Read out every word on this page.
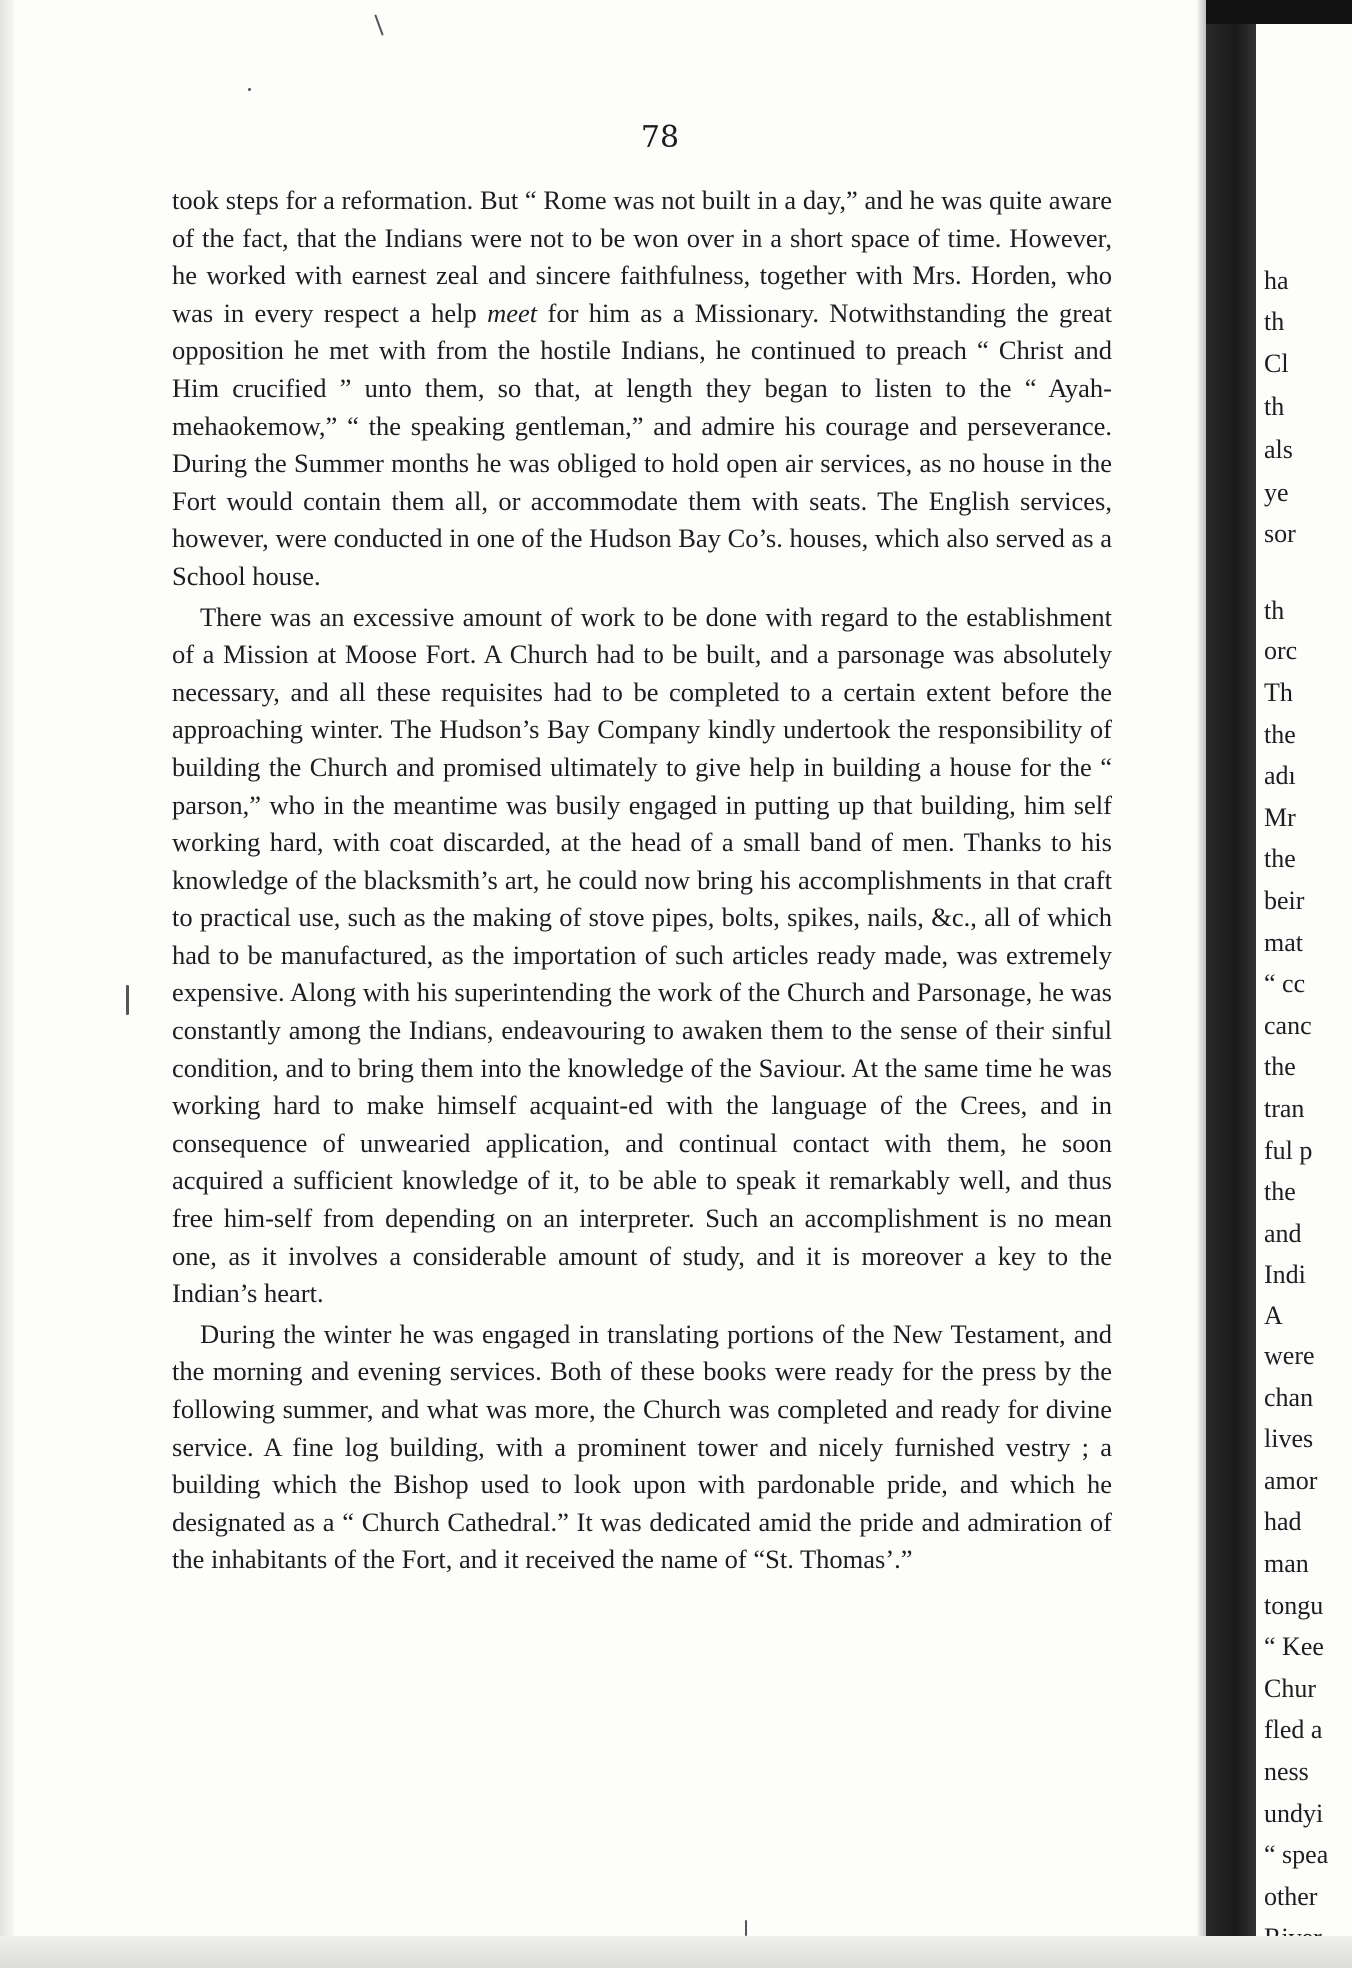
78

took steps for a reformation. But “ Rome was not built in a day,” and he was quite aware of the fact, that the Indians were not to be won over in a short space of time. However, he worked with earnest zeal and sincere faithfulness, together with Mrs. Horden, who was in every respect a help meet for him as a Missionary. Notwithstanding the great opposition he met with from the hostile Indians, he continued to preach “ Christ and Him crucified ” unto them, so that, at length they began to listen to the “ Ayah-mehaokemow,” “ the speaking gentleman,” and admire his courage and perseverance. During the Summer months he was obliged to hold open air services, as no house in the Fort would contain them all, or accommodate them with seats. The English services, however, were conducted in one of the Hudson Bay Co’s. houses, which also served as a School house.

There was an excessive amount of work to be done with regard to the establishment of a Mission at Moose Fort. A Church had to be built, and a parsonage was absolutely necessary, and all these requisites had to be completed to a certain extent before the approaching winter. The Hudson’s Bay Company kindly undertook the responsibility of building the Church and promised ultimately to give help in building a house for the “ parson,” who in the meantime was busily engaged in putting up that building, him self working hard, with coat discarded, at the head of a small band of men. Thanks to his knowledge of the blacksmith’s art, he could now bring his accomplishments in that craft to practical use, such as the making of stove pipes, bolts, spikes, nails, &c., all of which had to be manufactured, as the importation of such articles ready made, was extremely expensive. Along with his superintending the work of the Church and Parsonage, he was constantly among the Indians, endeavouring to awaken them to the sense of their sinful condition, and to bring them into the knowledge of the Saviour. At the same time he was working hard to make himself acquaint-ed with the language of the Crees, and in consequence of unwearied application, and continual contact with them, he soon acquired a sufficient knowledge of it, to be able to speak it remarkably well, and thus free him-self from depending on an interpreter. Such an accomplishment is no mean one, as it involves a considerable amount of study, and it is moreover a key to the Indian’s heart.

During the winter he was engaged in translating portions of the New Testament, and the morning and evening services. Both of these books were ready for the press by the following summer, and what was more, the Church was completed and ready for divine service. A fine log building, with a prominent tower and nicely furnished vestry ; a building which the Bishop used to look upon with pardonable pride, and which he designated as a “ Church Cathedral.” It was dedicated amid the pride and admiration of the inhabitants of the Fort, and it received the name of “St. Thomas’.”

ha
th
Cl
th
als
ye
sor
th
orc
Th
the
adı
Mr
the
beir
mat
“ cc
canc
the
tran
ful p
the
and
Indi
A
were
chan
lives
amor
had
man
tongu
“ Kee
Chur
fled a
ness
undyi
“ spea
other
